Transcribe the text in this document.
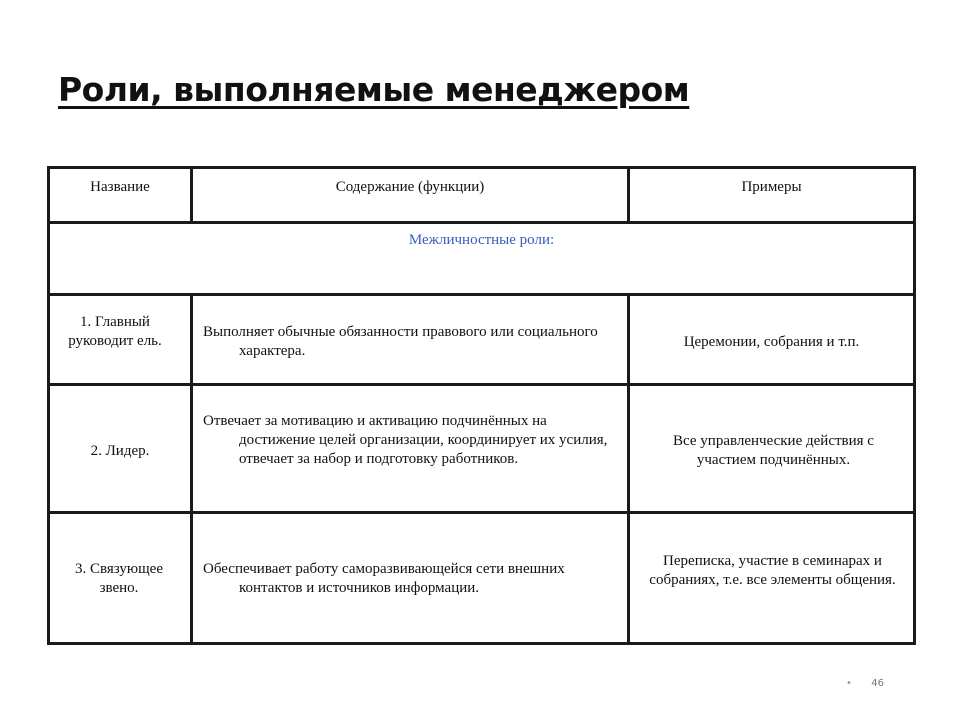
Роли, выполняемые менеджером
Название	Содержание (функции)	Примеры
Межличностные роли:		

1. Главный руководит ель.	Выполняет обычные обязанности правового или социального характера.	Церемонии, собрания и т.п.

2. Лидер.	Отвечает за мотивацию и активацию подчинённых на достижение целей организации, координирует их усилия, отвечает за набор и подготовку работников.	Все управленческие действия с участием подчинённых.

3. Связующее звено.	Обеспечивает работу саморазвивающейся сети внешних контактов и источников информации.	Переписка, участие в семинарах и собраниях, т.е. все элементы общения.
• 46
